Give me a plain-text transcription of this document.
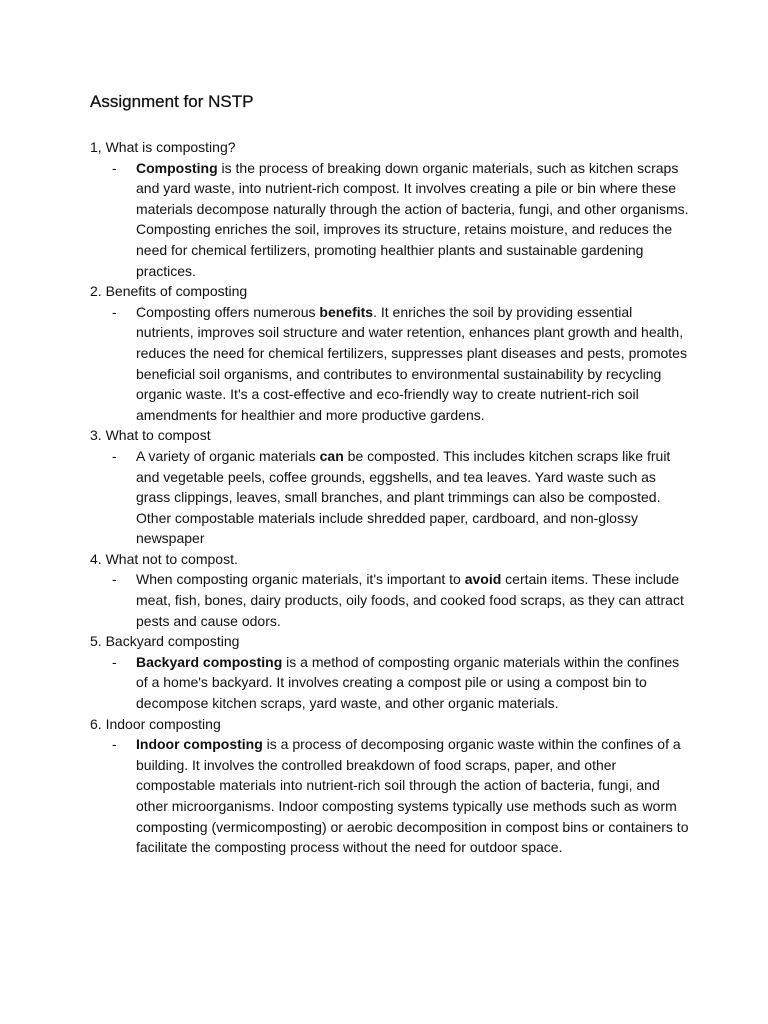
Assignment for NSTP

1, What is composting?

- Composting is the process of breaking down organic materials, such as kitchen scraps and yard waste, into nutrient-rich compost. It involves creating a pile or bin where these materials decompose naturally through the action of bacteria, fungi, and other organisms. Composting enriches the soil, improves its structure, retains moisture, and reduces the need for chemical fertilizers, promoting healthier plants and sustainable gardening practices.

2. Benefits of composting

- Composting offers numerous benefits. It enriches the soil by providing essential nutrients, improves soil structure and water retention, enhances plant growth and health, reduces the need for chemical fertilizers, suppresses plant diseases and pests, promotes beneficial soil organisms, and contributes to environmental sustainability by recycling organic waste. It's a cost-effective and eco-friendly way to create nutrient-rich soil amendments for healthier and more productive gardens.

3. What to compost

- A variety of organic materials can be composted. This includes kitchen scraps like fruit and vegetable peels, coffee grounds, eggshells, and tea leaves. Yard waste such as grass clippings, leaves, small branches, and plant trimmings can also be composted. Other compostable materials include shredded paper, cardboard, and non-glossy newspaper

4. What not to compost.

- When composting organic materials, it's important to avoid certain items. These include meat, fish, bones, dairy products, oily foods, and cooked food scraps, as they can attract pests and cause odors.

5. Backyard composting

- Backyard composting is a method of composting organic materials within the confines of a home's backyard. It involves creating a compost pile or using a compost bin to decompose kitchen scraps, yard waste, and other organic materials.

6. Indoor composting

- Indoor composting is a process of decomposing organic waste within the confines of a building. It involves the controlled breakdown of food scraps, paper, and other compostable materials into nutrient-rich soil through the action of bacteria, fungi, and other microorganisms. Indoor composting systems typically use methods such as worm composting (vermicomposting) or aerobic decomposition in compost bins or containers to facilitate the composting process without the need for outdoor space.
